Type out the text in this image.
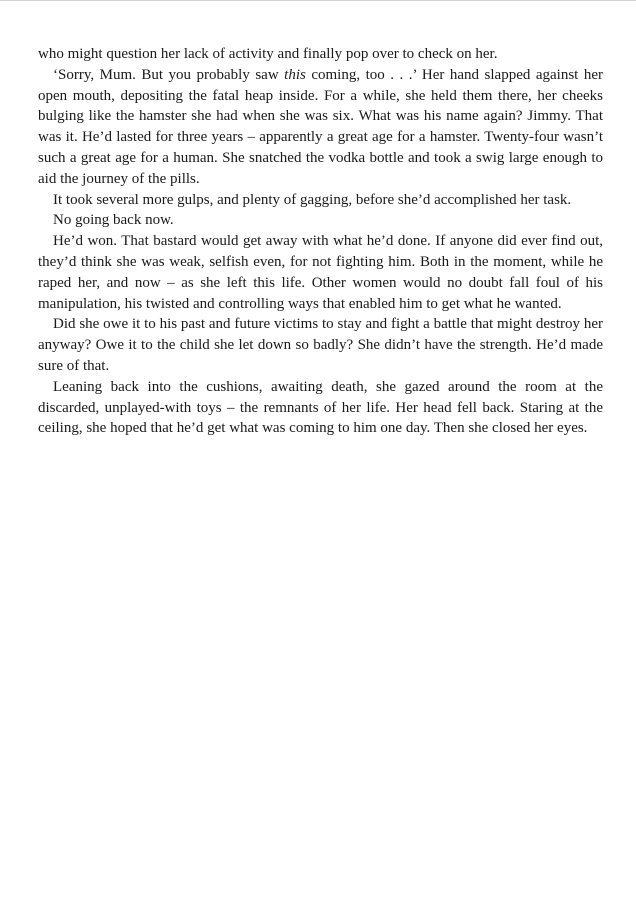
who might question her lack of activity and finally pop over to check on her.

‘Sorry, Mum. But you probably saw this coming, too . . .’ Her hand slapped against her open mouth, depositing the fatal heap inside. For a while, she held them there, her cheeks bulging like the hamster she had when she was six. What was his name again? Jimmy. That was it. He’d lasted for three years – apparently a great age for a hamster. Twenty-four wasn’t such a great age for a human. She snatched the vodka bottle and took a swig large enough to aid the journey of the pills.

It took several more gulps, and plenty of gagging, before she’d accomplished her task.

No going back now.

He’d won. That bastard would get away with what he’d done. If anyone did ever find out, they’d think she was weak, selfish even, for not fighting him. Both in the moment, while he raped her, and now – as she left this life. Other women would no doubt fall foul of his manipulation, his twisted and controlling ways that enabled him to get what he wanted.

Did she owe it to his past and future victims to stay and fight a battle that might destroy her anyway? Owe it to the child she let down so badly? She didn’t have the strength. He’d made sure of that.

Leaning back into the cushions, awaiting death, she gazed around the room at the discarded, unplayed-with toys – the remnants of her life. Her head fell back. Staring at the ceiling, she hoped that he’d get what was coming to him one day. Then she closed her eyes.
